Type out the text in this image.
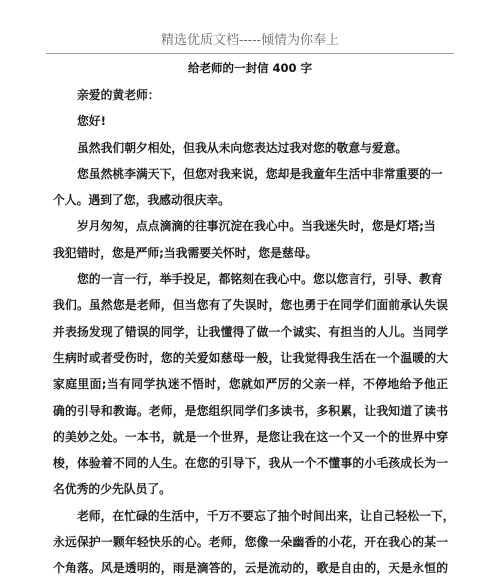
精选优质文档-----倾情为你奉上
给老师的一封信 400 字
亲爱的黄老师：
您好!
虽然我们朝夕相处，但我从未向您表达过我对您的敬意与爱意。
您虽然桃李满天下，但您对我来说，您却是我童年生活中非常重要的一
个人。遇到了您，我感动很庆幸。
岁月匆匆，点点滴滴的往事沉淀在我心中。当我迷失时，您是灯塔;当
我犯错时，您是严师;当我需要关怀时，您是慈母。
您的一言一行，举手投足，都铭刻在我心中。您以您言行，引导、教育
我们。虽然您是老师，但当您有了失误时，您也勇于在同学们面前承认失误
并表扬发现了错误的同学，让我懂得了做一个诚实、有担当的人儿。当同学
生病时或者受伤时，您的关爱如慈母一般，让我觉得我生活在一个温暖的大
家庭里面;当有同学执迷不悟时，您就如严厉的父亲一样，不停地给予他正
确的引导和教诲。老师，是您组织同学们多读书，多积累，让我知道了读书
的美妙之处。一本书，就是一个世界，是您让我在这一个又一个的世界中穿
梭，体验着不同的人生。在您的引导下，我从一个不懂事的小毛孩成长为一
名优秀的少先队员了。
老师，在忙碌的生活中，千万不要忘了抽个时间出来，让自己轻松一下，
永远保护一颗年轻快乐的心。老师，您像一朵幽香的小花，开在我心的某一
个角落。风是透明的，雨是滴答的，云是流动的，歌是自由的，天是永恒的
